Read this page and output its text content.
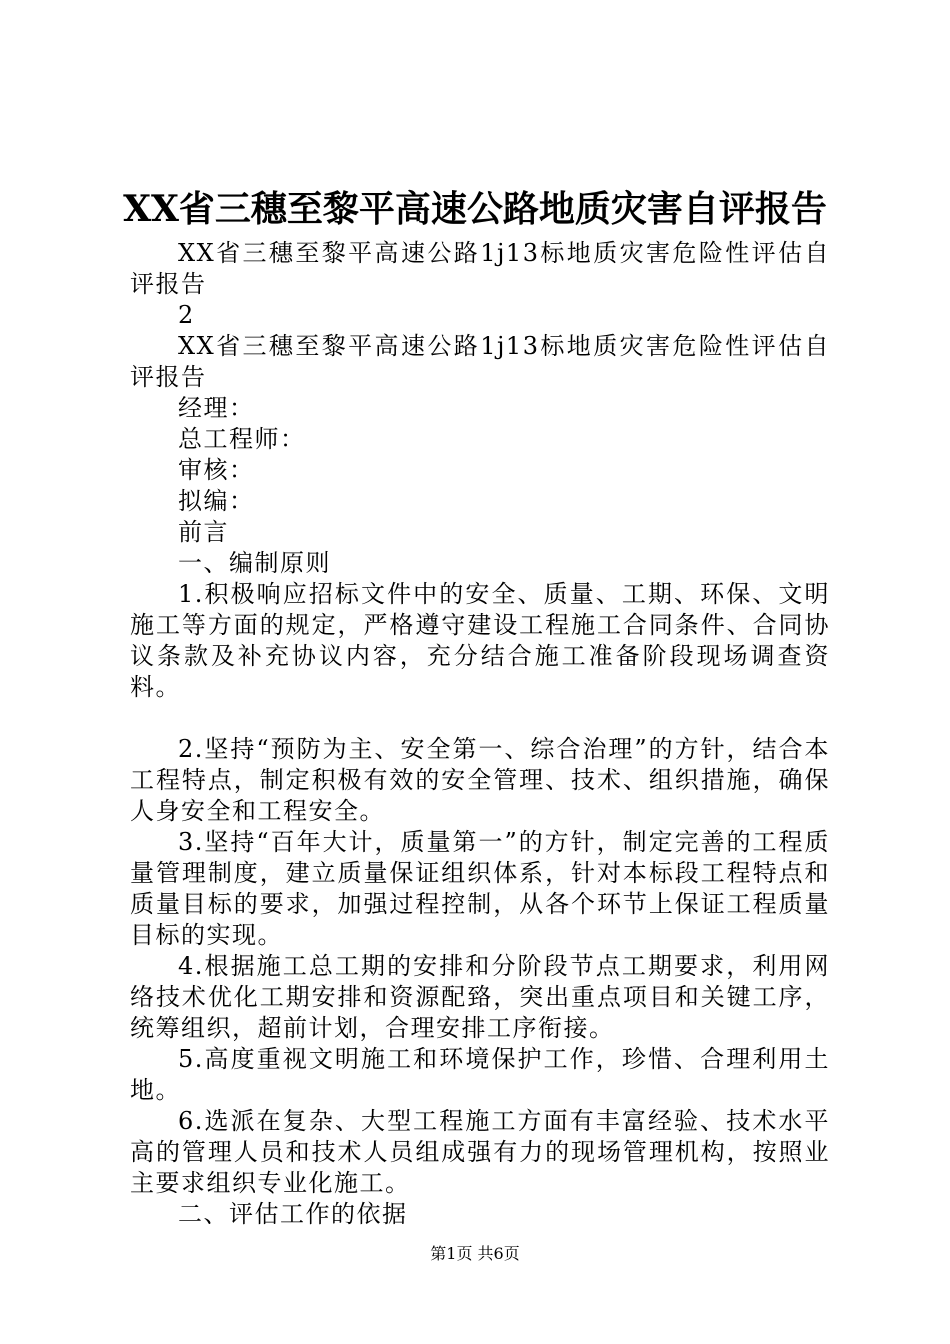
XX省三穗至黎平高速公路地质灾害自评报告

XX省三穗至黎平高速公路1j13标地质灾害危险性评估自评报告

2

XX省三穗至黎平高速公路1j13标地质灾害危险性评估自评报告

经理：

总工程师：

审核：

拟编：

前言

一、编制原则

1.积极响应招标文件中的安全、质量、工期、环保、文明施工等方面的规定，严格遵守建设工程施工合同条件、合同协议条款及补充协议内容，充分结合施工准备阶段现场调查资料。

2.坚持“预防为主、安全第一、综合治理”的方针，结合本工程特点，制定积极有效的安全管理、技术、组织措施，确保人身安全和工程安全。

3.坚持“百年大计，质量第一”的方针，制定完善的工程质量管理制度，建立质量保证组织体系，针对本标段工程特点和质量目标的要求，加强过程控制，从各个环节上保证工程质量目标的实现。

4.根据施工总工期的安排和分阶段节点工期要求，利用网络技术优化工期安排和资源配臵，突出重点项目和关键工序，统筹组织，超前计划，合理安排工序衔接。

5.高度重视文明施工和环境保护工作，珍惜、合理利用土地。

6.选派在复杂、大型工程施工方面有丰富经验、技术水平高的管理人员和技术人员组成强有力的现场管理机构，按照业主要求组织专业化施工。

二、评估工作的依据

第1页 共6页
